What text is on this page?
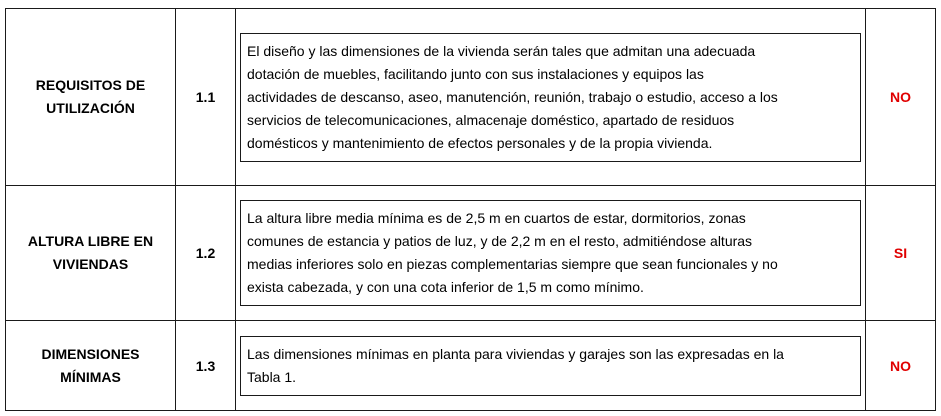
REQUISITOS DE
UTILIZACIÓN
1.1
El diseño y las dimensiones de la vivienda serán tales que admitan una adecuada
dotación de muebles, facilitando junto con sus instalaciones y equipos las
actividades de descanso, aseo, manutención, reunión, trabajo o estudio, acceso a los
servicios de telecomunicaciones, almacenaje doméstico, apartado de residuos
domésticos y mantenimiento de efectos personales y de la propia vivienda.
NO
ALTURA LIBRE EN
VIVIENDAS
1.2
La altura libre media mínima es de 2,5 m en cuartos de estar, dormitorios, zonas
comunes de estancia y patios de luz, y de 2,2 m en el resto, admitiéndose alturas
medias inferiores solo en piezas complementarias siempre que sean funcionales y no
exista cabezada, y con una cota inferior de 1,5 m como mínimo.
SI
DIMENSIONES
MÍNIMAS
1.3
Las dimensiones mínimas en planta para viviendas y garajes son las expresadas en la
Tabla 1.
NO
